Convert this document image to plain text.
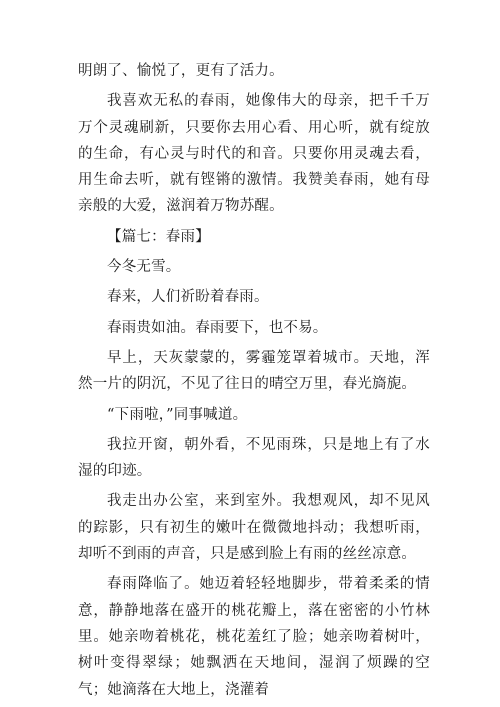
明朗了、愉悦了，更有了活力。

我喜欢无私的春雨，她像伟大的母亲，把千千万万个灵魂刷新，只要你去用心看、用心听，就有绽放的生命，有心灵与时代的和音。只要你用灵魂去看，用生命去听，就有铿锵的激情。我赞美春雨，她有母亲般的大爱，滋润着万物苏醒。

【篇七：春雨】

今冬无雪。

春来，人们祈盼着春雨。

春雨贵如油。春雨要下，也不易。

早上，天灰蒙蒙的，雾霾笼罩着城市。天地，浑然一片的阴沉，不见了往日的晴空万里，春光旖旎。

“下雨啦，”同事喊道。

我拉开窗，朝外看，不见雨珠，只是地上有了水湿的印迹。

我走出办公室，来到室外。我想观风，却不见风的踪影，只有初生的嫩叶在微微地抖动；我想听雨，却听不到雨的声音，只是感到脸上有雨的丝丝凉意。

春雨降临了。她迈着轻轻地脚步，带着柔柔的情意，静静地落在盛开的桃花瓣上，落在密密的小竹林里。她亲吻着桃花，桃花羞红了脸；她亲吻着树叶，树叶变得翠绿；她飘洒在天地间，湿润了烦躁的空气；她滴落在大地上，浇灌着
